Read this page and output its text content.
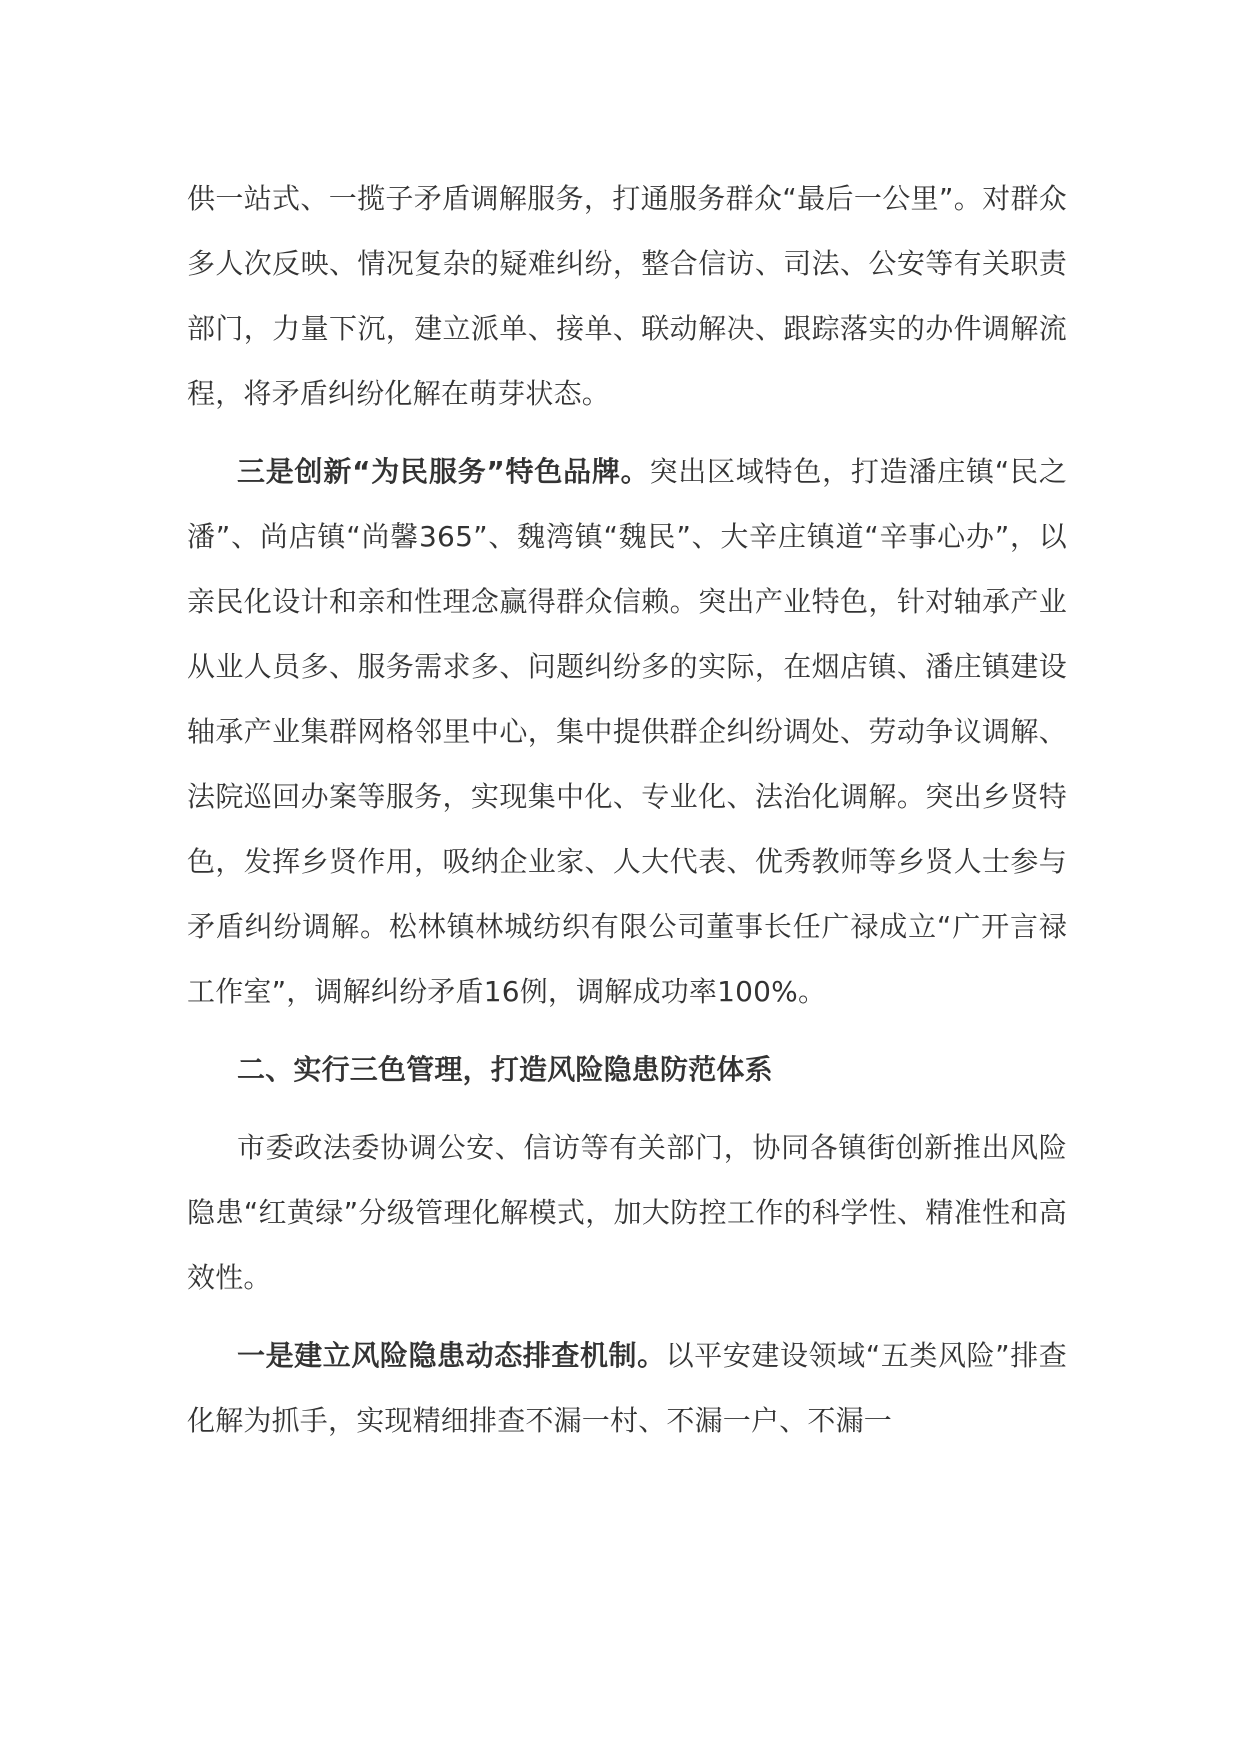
供一站式、一揽子矛盾调解服务，打通服务群众“最后一公里”。对群众多人次反映、情况复杂的疑难纠纷，整合信访、司法、公安等有关职责部门，力量下沉，建立派单、接单、联动解决、跟踪落实的办件调解流程，将矛盾纠纷化解在萌芽状态。

三是创新“为民服务”特色品牌。突出区域特色，打造潘庄镇“民之潘”、尚店镇“尚馨365”、魏湾镇“魏民”、大辛庄镇道“辛事心办”，以亲民化设计和亲和性理念赢得群众信赖。突出产业特色，针对轴承产业从业人员多、服务需求多、问题纠纷多的实际，在烟店镇、潘庄镇建设轴承产业集群网格邻里中心，集中提供群企纠纷调处、劳动争议调解、法院巡回办案等服务，实现集中化、专业化、法治化调解。突出乡贤特色，发挥乡贤作用，吸纳企业家、人大代表、优秀教师等乡贤人士参与矛盾纠纷调解。松林镇林城纺织有限公司董事长任广禄成立“广开言禄工作室”，调解纠纷矛盾16例，调解成功率100%。

二、实行三色管理，打造风险隐患防范体系

市委政法委协调公安、信访等有关部门，协同各镇街创新推出风险隐患“红黄绿”分级管理化解模式，加大防控工作的科学性、精准性和高效性。

一是建立风险隐患动态排查机制。以平安建设领域“五类风险”排查化解为抓手，实现精细排查不漏一村、不漏一户、不漏一
